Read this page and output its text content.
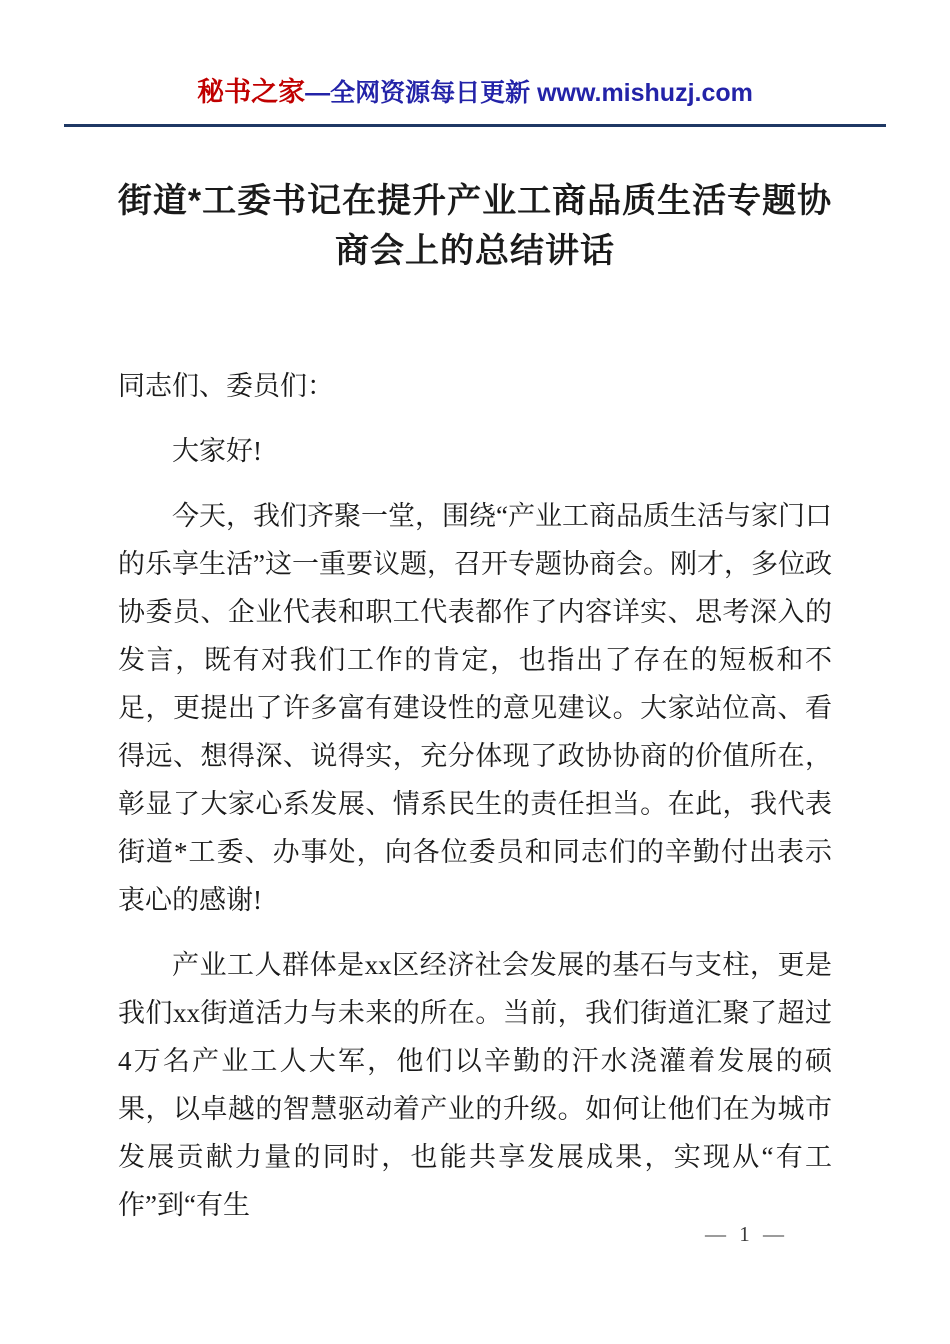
秘书之家—全网资源每日更新 www.mishuzj.com
街道*工委书记在提升产业工商品质生活专题协商会上的总结讲话

同志们、委员们：

大家好!

今天，我们齐聚一堂，围绕“产业工商品质生活与家门口的乐享生活”这一重要议题，召开专题协商会。刚才，多位政协委员、企业代表和职工代表都作了内容详实、思考深入的发言，既有对我们工作的肯定，也指出了存在的短板和不足，更提出了许多富有建设性的意见建议。大家站位高、看得远、想得深、说得实，充分体现了政协协商的价值所在，彰显了大家心系发展、情系民生的责任担当。在此，我代表街道*工委、办事处，向各位委员和同志们的辛勤付出表示衷心的感谢!

产业工人群体是xx区经济社会发展的基石与支柱，更是我们xx街道活力与未来的所在。当前，我们街道汇聚了超过4万名产业工人大军，他们以辛勤的汗水浇灌着发展的硕果，以卓越的智慧驱动着产业的升级。如何让他们在为城市发展贡献力量的同时，也能共享发展成果，实现从“有工作”到“有生

— 1 —
